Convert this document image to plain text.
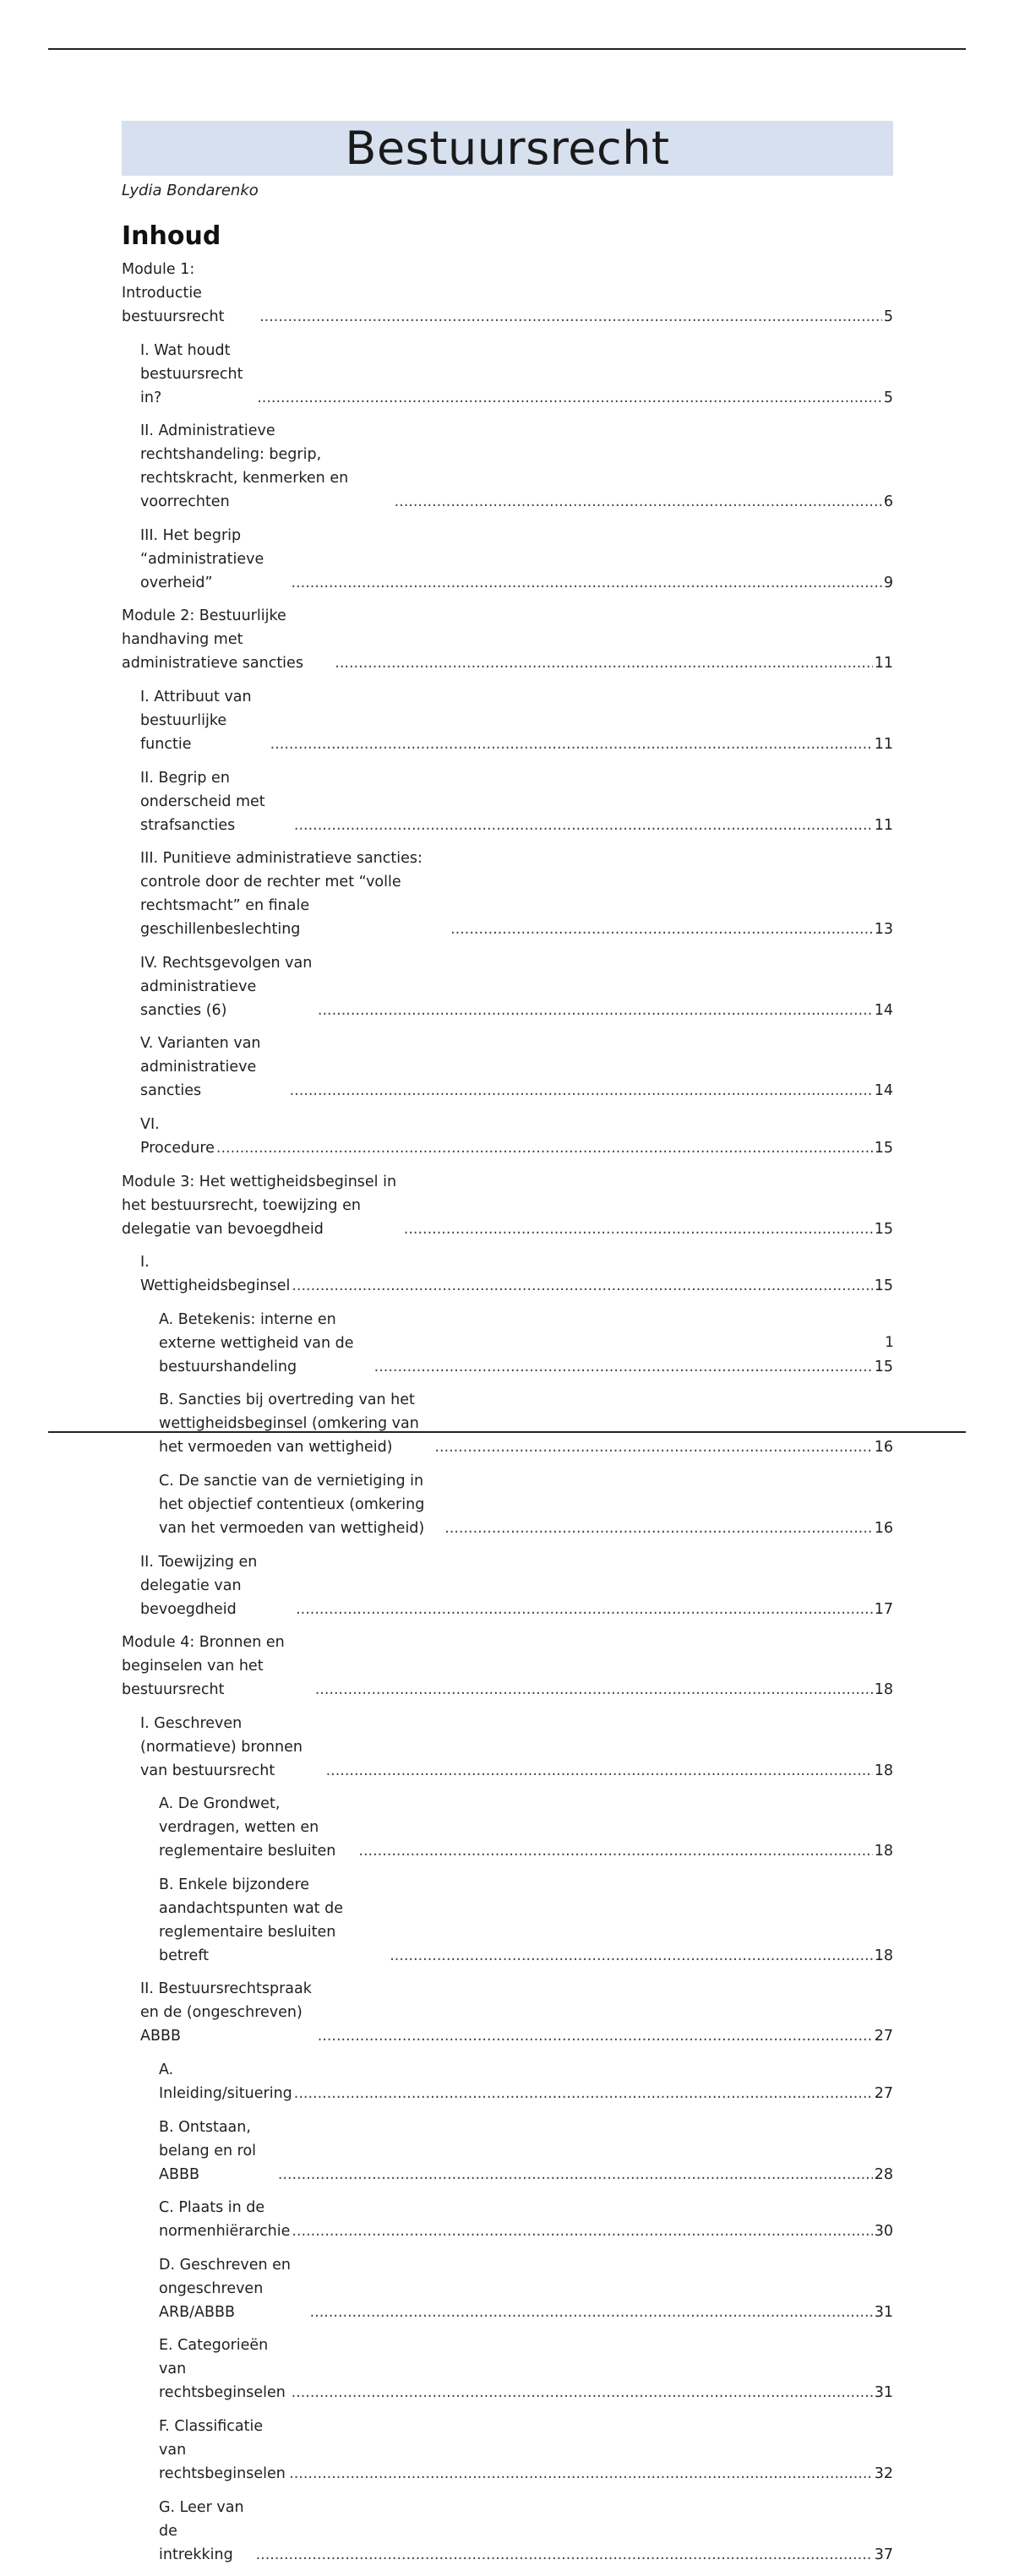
Bestuursrecht
Lydia Bondarenko
Inhoud
Module 1: Introductie bestuursrecht .....	5
I. Wat houdt bestuursrecht in? .....	5
II. Administratieve rechtshandeling: begrip, rechtskracht, kenmerken en voorrechten .....	6
III. Het begrip “administratieve overheid” .....	9
Module 2: Bestuurlijke handhaving met administratieve sancties .....	11
I. Attribuut van bestuurlijke functie .....	11
II. Begrip en onderscheid met strafsancties .....	11
III. Punitieve administratieve sancties: controle door de rechter met “volle rechtsmacht” en finale geschillenbeslechting .....	13
IV. Rechtsgevolgen van administratieve sancties (6) .....	14
V. Varianten van administratieve sancties .....	14
VI. Procedure .....	15
Module 3: Het wettigheidsbeginsel in het bestuursrecht, toewijzing en delegatie van bevoegdheid .....	15
I. Wettigheidsbeginsel .....	15
A. Betekenis: interne en externe wettigheid van de bestuurshandeling .....	15
B. Sancties bij overtreding van het wettigheidsbeginsel (omkering van het vermoeden van wettigheid) .....	16
C. De sanctie van de vernietiging in het objectief contentieux (omkering van het vermoeden van wettigheid) .....	16
II. Toewijzing en delegatie van bevoegdheid .....	17
Module 4: Bronnen en beginselen van het bestuursrecht .....	18
I. Geschreven (normatieve) bronnen van bestuursrecht .....	18
A. De Grondwet, verdragen, wetten en reglementaire besluiten .....	18
B. Enkele bijzondere aandachtspunten wat de reglementaire besluiten betreft .....	18
II. Bestuursrechtspraak en de (ongeschreven) ABBB .....	27
A. Inleiding/situering .....	27
B. Ontstaan, belang en rol ABBB .....	28
C. Plaats in de normenhiërarchie .....	30
D. Geschreven en ongeschreven ARB/ABBB .....	31
E. Categorieën van rechtsbeginselen .....	31
F. Classificatie van rechtsbeginselen .....	32
G. Leer van de intrekking .....	37
1
